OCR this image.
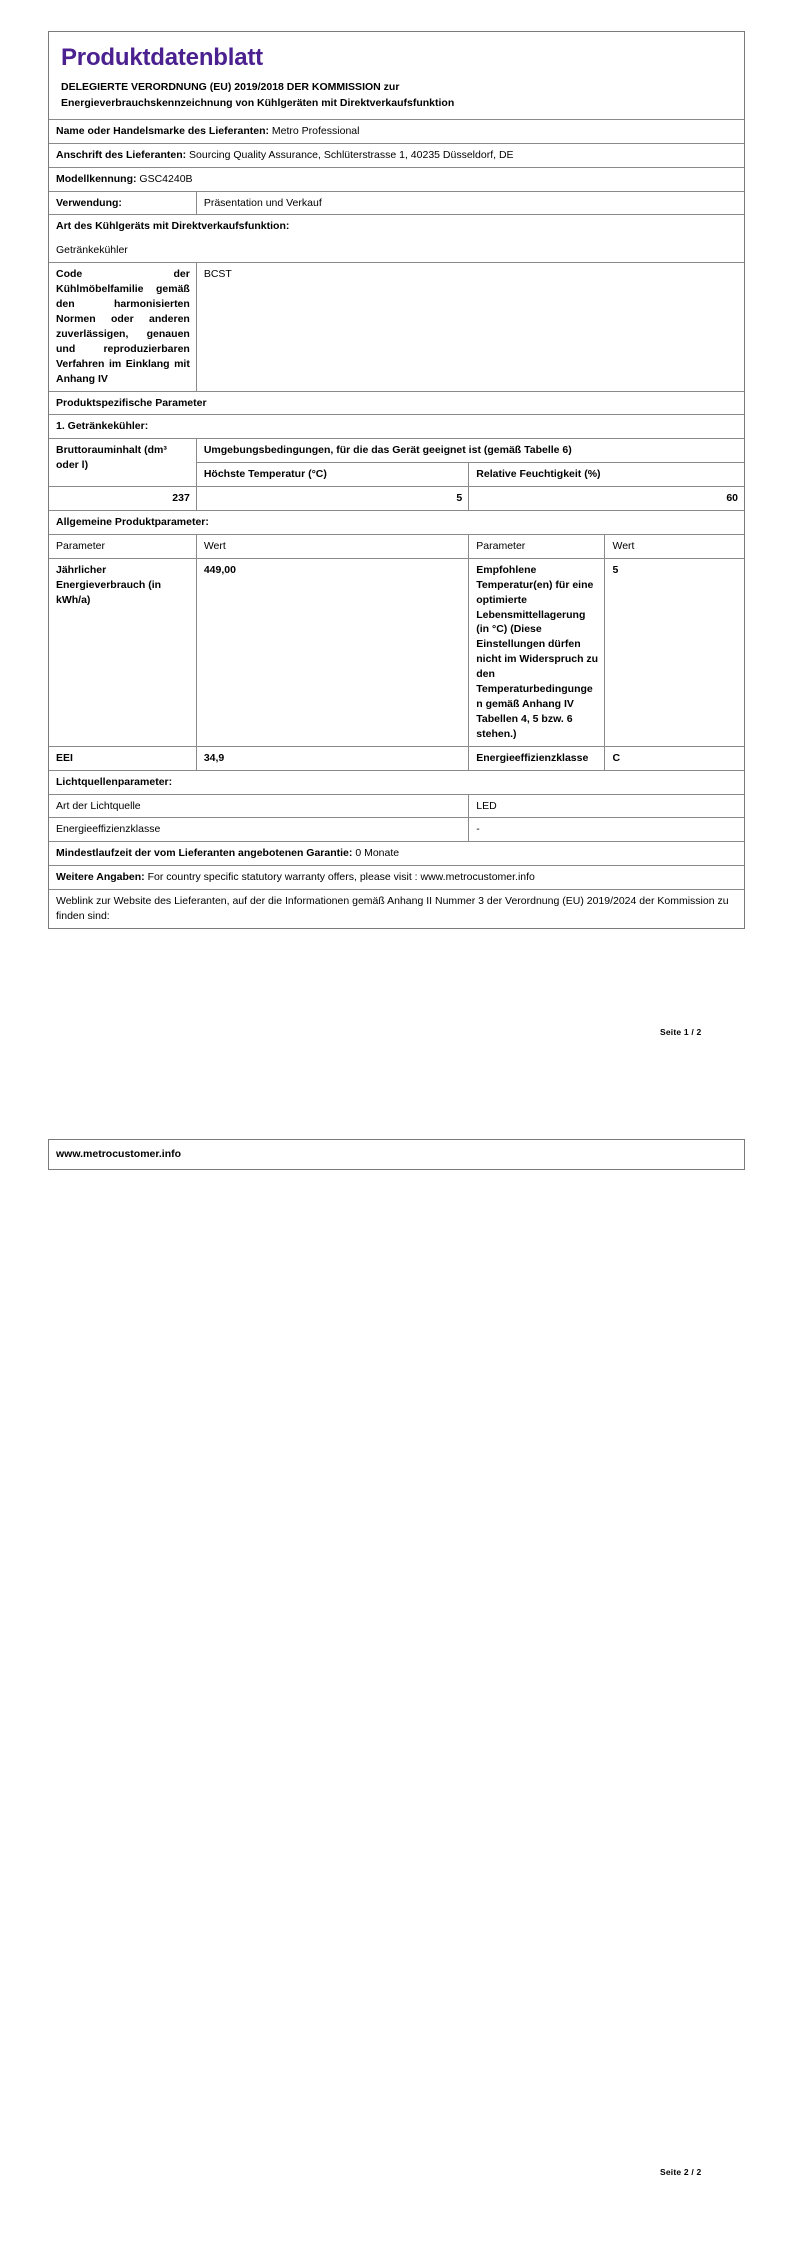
Produktdatenblatt
DELEGIERTE VERORDNUNG (EU) 2019/2018 DER KOMMISSION zur
Energieverbrauchskennzeichnung von Kühlgeräten mit Direktverkaufsfunktion
Name oder Handelsmarke des Lieferanten: Metro Professional			
Anschrift des Lieferanten: Sourcing Quality Assurance, Schlüterstrasse 1, 40235 Düsseldorf, DE			
Modellkennung: GSC4240B			
Verwendung:	Präsentation und Verkauf		

Art des Kühlgeräts mit Direktverkaufsfunktion:
Getränkekühler			

Code der Kühlmöbelfamilie gemäß den harmonisierten Normen oder anderen zuverlässigen, genauen und reproduzierbaren Verfahren im Einklang mit Anhang IV	BCST		
Produktspezifische Parameter			
1. Getränkekühler:			
Bruttorauminhalt (dm³ oder l)	Umgebungsbedingungen, für die das Gerät geeignet ist (gemäß Tabelle 6)		
	Höchste Temperatur (°C)	Relative Feuchtigkeit (%)	
237	5	60	
Allgemeine Produktparameter:			
Parameter	Wert	Parameter	Wert
Jährlicher Energieverbrauch (in kWh/a)	449,00	Empfohlene Temperatur(en) für eine optimierte Lebensmittellagerung (in °C) (Diese Einstellungen dürfen nicht im Widerspruch zu den Temperaturbedingungen gemäß Anhang IV Tabellen 4, 5 bzw. 6 stehen.)	5
EEI	34,9	Energieeffizienzklasse	C
Lichtquellenparameter:			
Art der Lichtquelle		LED	
Energieeffizienzklasse		-	
Mindestlaufzeit der vom Lieferanten angebotenen Garantie: 0 Monate			
Weitere Angaben: For country specific statutory warranty offers, please visit : www.metrocustomer.info			
Weblink zur Website des Lieferanten, auf der die Informationen gemäß Anhang II Nummer 3 der Verordnung (EU) 2019/2024 der Kommission zu finden sind:			
Seite 1 / 2
www.metrocustomer.info
Seite 2 / 2
